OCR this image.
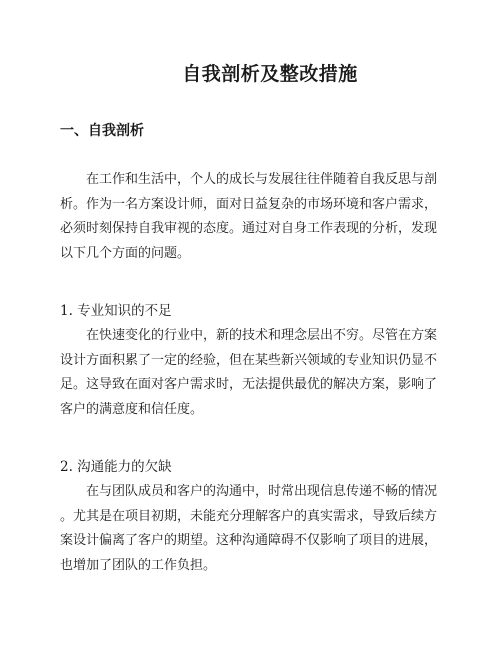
自我剖析及整改措施
一、自我剖析
在工作和生活中，个人的成长与发展往往伴随着自我反思与剖
析。作为一名方案设计师，面对日益复杂的市场环境和客户需求，
必须时刻保持自我审视的态度。通过对自身工作表现的分析，发现
以下几个方面的问题。
1. 专业知识的不足
在快速变化的行业中，新的技术和理念层出不穷。尽管在方案
设计方面积累了一定的经验，但在某些新兴领域的专业知识仍显不
足。这导致在面对客户需求时，无法提供最优的解决方案，影响了
客户的满意度和信任度。
2. 沟通能力的欠缺
在与团队成员和客户的沟通中，时常出现信息传递不畅的情况
。尤其是在项目初期，未能充分理解客户的真实需求，导致后续方
案设计偏离了客户的期望。这种沟通障碍不仅影响了项目的进展，
也增加了团队的工作负担。
